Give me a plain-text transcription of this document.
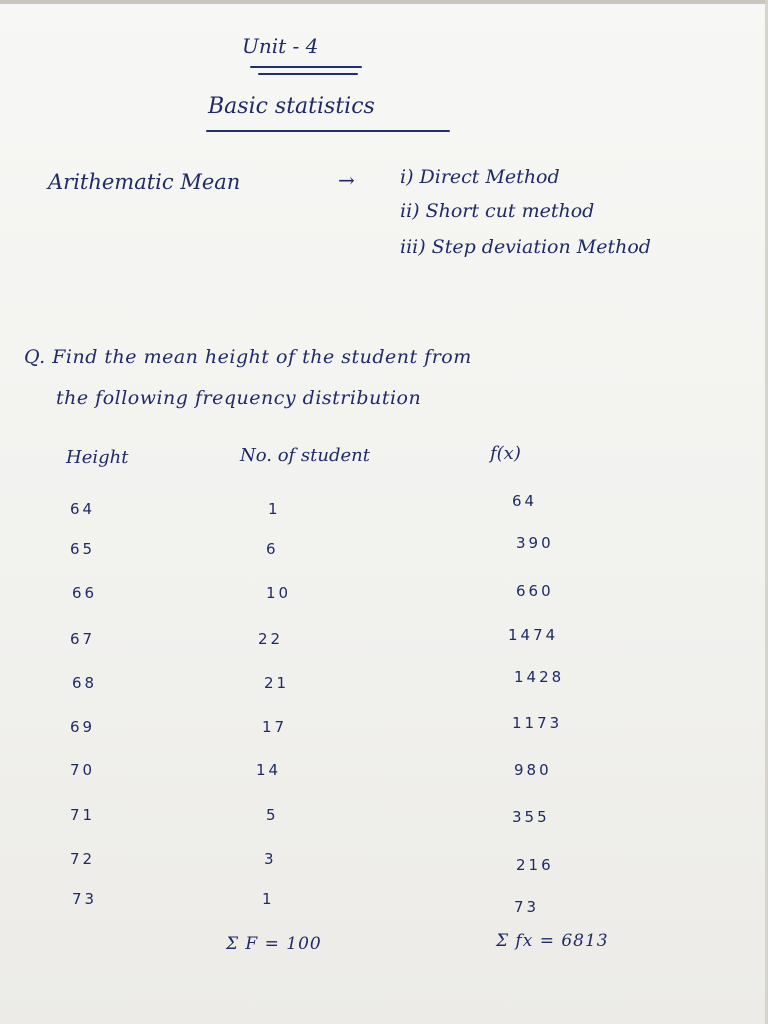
Unit - 4
Basic statistics
Arithematic Mean	→ i) Direct Method
ii) Short cut method
iii) Step deviation Method
Q. Find the mean height of the student from
the following frequency distribution
Height	No. of student	f(x)
64	1	64
65	6	390
66	10	660
67	22	1474
68	21	1428
69	17	1173
70	14	980
71	5	355
72	3	216
73	1	73
Σ F = 100	Σ fx = 6813
